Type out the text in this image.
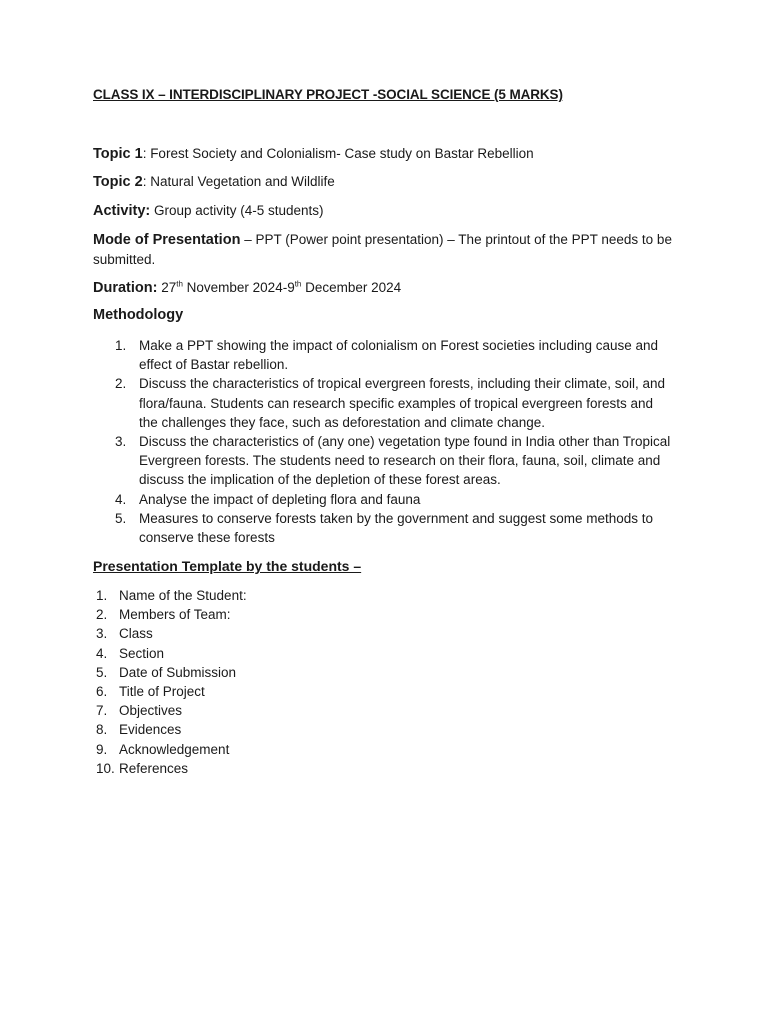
CLASS IX – INTERDISCIPLINARY PROJECT -SOCIAL SCIENCE (5 MARKS)
Topic 1: Forest Society and Colonialism- Case study on Bastar Rebellion
Topic 2: Natural Vegetation and Wildlife
Activity: Group activity (4-5 students)
Mode of Presentation – PPT (Power point presentation) – The printout of the PPT needs to be submitted.
Duration: 27th November 2024-9th December 2024
Methodology
1. Make a PPT showing the impact of colonialism on Forest societies including cause and effect of Bastar rebellion.
2. Discuss the characteristics of tropical evergreen forests, including their climate, soil, and flora/fauna. Students can research specific examples of tropical evergreen forests and the challenges they face, such as deforestation and climate change.
3. Discuss the characteristics of (any one) vegetation type found in India other than Tropical Evergreen forests. The students need to research on their flora, fauna, soil, climate and discuss the implication of the depletion of these forest areas.
4. Analyse the impact of depleting flora and fauna
5. Measures to conserve forests taken by the government and suggest some methods to conserve these forests
Presentation Template by the students –
1. Name of the Student:
2. Members of Team:
3. Class
4. Section
5. Date of Submission
6. Title of Project
7. Objectives
8. Evidences
9. Acknowledgement
10. References
